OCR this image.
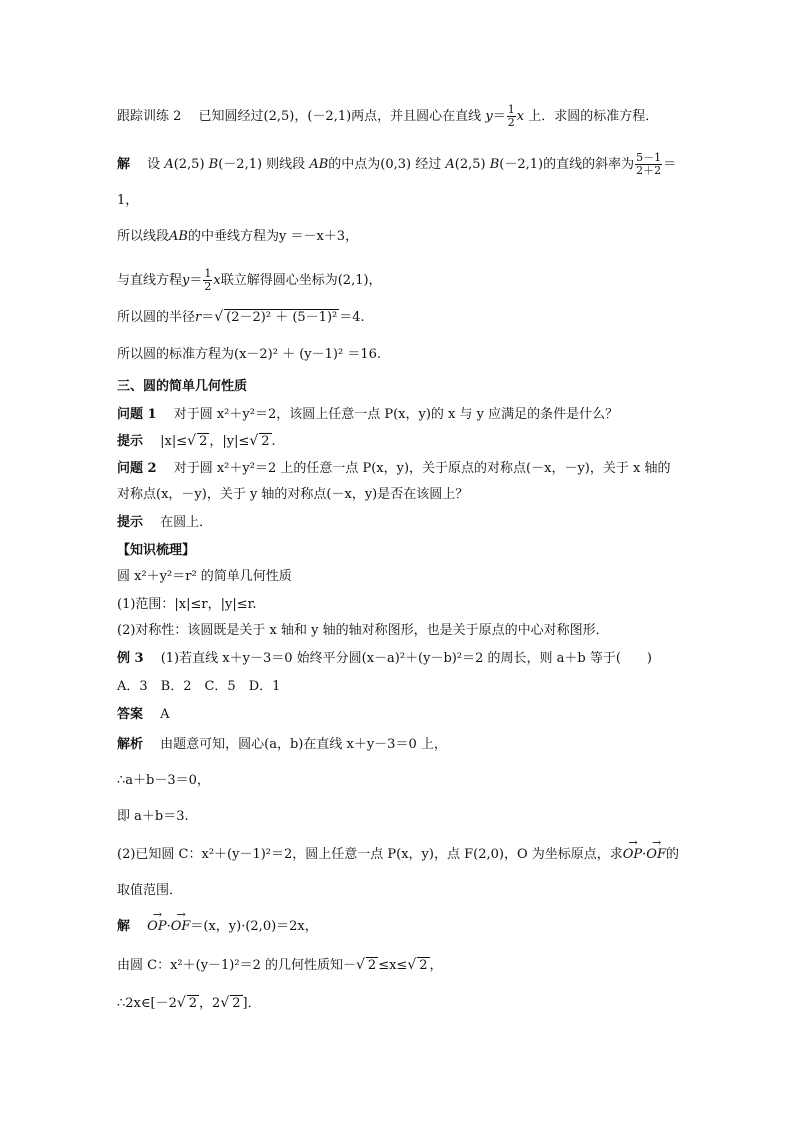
跟踪训练 2　 已知圆经过(2,5)，(－2,1)两点，并且圆心在直线 $y= \frac{1}{2}$ x 上．求圆的标准方程．
解　 设 A(2,5) B(－2,1) 则线段 AB的中点为(0,3) 经过 A(2,5) B(－2,1)的直线的斜率为 $\frac{5-1}{2+2}$ ＝
1，
所以线段AB的中垂线方程为y ＝－x＋3，
与直线方程$y= \frac{1}{2}$ x联立解得圆心坐标为(2,1)，
所以圆的半径r＝√ (2－2)² ＋ (5－1)² ＝4.
所以圆的标准方程为(x－2)² ＋ (y－1)² ＝16.
三、圆的简单几何性质
问题 1　 对于圆 x²＋y²＝2，该圆上任意一点 P(x，y)的 x 与 y 应满足的条件是什么？
提示　 |x|≤√ 2 ，|y|≤√ 2 .
问题 2　 对于圆 x²＋y²＝2 上的任意一点 P(x，y)，关于原点的对称点(－x，－y)，关于 x 轴的
对称点(x，－y)，关于 y 轴的对称点(－x，y)是否在该圆上？
提示　 在圆上．
【知识梳理】
圆 x²＋y²＝r² 的简单几何性质
(1)范围：|x|≤r，|y|≤r.
(2)对称性：该圆既是关于 x 轴和 y 轴的轴对称图形，也是关于原点的中心对称图形．
例 3　 (1)若直线 x＋y－3＝0 始终平分圆(x－a)²＋(y－b)²＝2 的周长，则 a＋b 等于(　　)
A．3　B．2　C．5　D．1
答案　 A
解析　 由题意可知，圆心(a，b)在直线 x＋y－3＝0 上，
∴a＋b－3＝0，
即 a＋b＝3.
(2)已知圆 C：x²＋(y－1)²＝2，圆上任意一点 P(x，y)，点 F(2,0)，O 为坐标原点，求→ OP·→ OF的
取值范围．
解　 → OP·→ OF＝(x，y)·(2,0)＝2x，
由圆 C：x²＋(y－1)²＝2 的几何性质知－√ 2 ≤x≤√ 2 ，
∴2x∈[－2√ 2 ，2√ 2 ]．
